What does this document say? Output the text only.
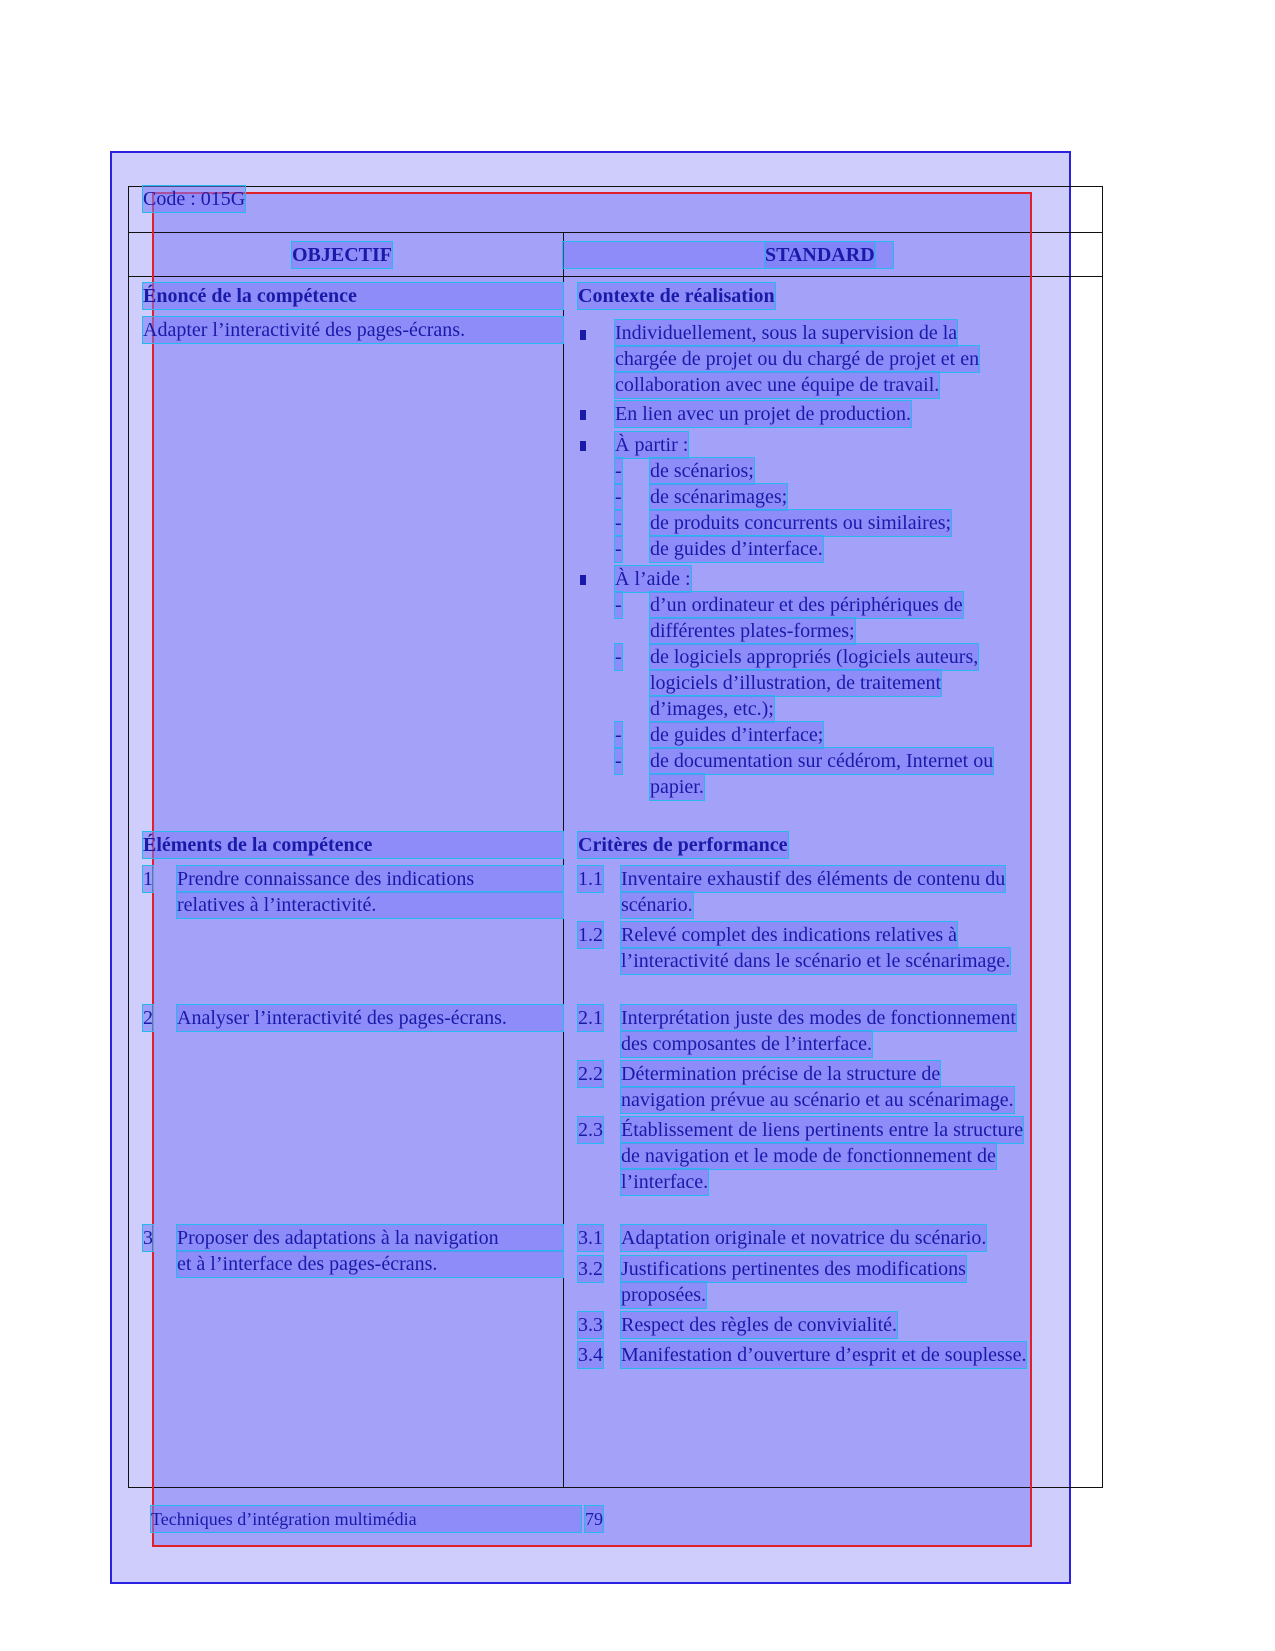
Code : 015G
OBJECTIF	STANDARD
Énoncé de la compétence
Adapter l’interactivité des pages-écrans.
Éléments de la compétence
1 Prendre connaissance des indications
relatives à l’interactivité.
2 Analyser l’interactivité des pages-écrans.
3 Proposer des adaptations à la navigation
et à l’interface des pages-écrans.
Contexte de réalisation
Individuellement, sous la supervision de la
chargée de projet ou du chargé de projet et en
collaboration avec une équipe de travail.
En lien avec un projet de production.
À partir :
- de scénarios;
- de scénarimages;
- de produits concurrents ou similaires;
- de guides d’interface.
À l’aide :
- d’un ordinateur et des périphériques de
différentes plates-formes;
- de logiciels appropriés (logiciels auteurs,
logiciels d’illustration, de traitement
d’images, etc.);
- de guides d’interface;
- de documentation sur cédérom, Internet ou
papier.
Critères de performance
1.1 Inventaire exhaustif des éléments de contenu du
scénario.
1.2 Relevé complet des indications relatives à
l’interactivité dans le scénario et le scénarimage.
2.1 Interprétation juste des modes de fonctionnement
des composantes de l’interface.
2.2 Détermination précise de la structure de
navigation prévue au scénario et au scénarimage.
2.3 Établissement de liens pertinents entre la structure
de navigation et le mode de fonctionnement de
l’interface.
3.1 Adaptation originale et novatrice du scénario.
3.2 Justifications pertinentes des modifications
proposées.
3.3 Respect des règles de convivialité.
3.4 Manifestation d’ouverture d’esprit et de souplesse.
Techniques d’intégration multimédia	79
